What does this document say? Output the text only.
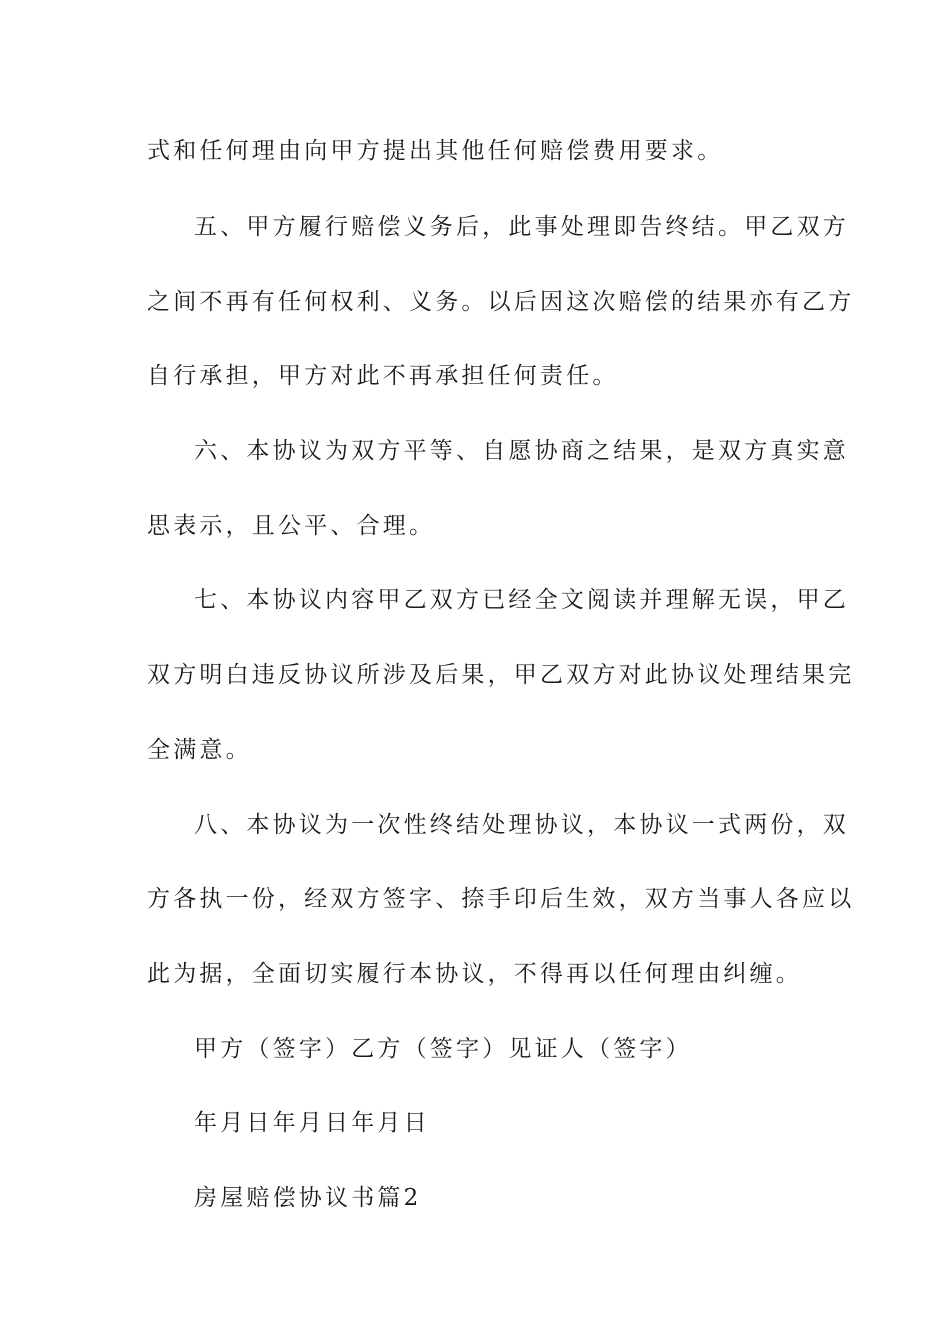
式和任何理由向甲方提出其他任何赔偿费用要求。
五、甲方履行赔偿义务后，此事处理即告终结。甲乙双方
之间不再有任何权利、义务。以后因这次赔偿的结果亦有乙方
自行承担，甲方对此不再承担任何责任。
六、本协议为双方平等、自愿协商之结果，是双方真实意
思表示，且公平、合理。
七、本协议内容甲乙双方已经全文阅读并理解无误，甲乙
双方明白违反协议所涉及后果，甲乙双方对此协议处理结果完
全满意。
八、本协议为一次性终结处理协议，本协议一式两份，双
方各执一份，经双方签字、捺手印后生效，双方当事人各应以
此为据，全面切实履行本协议，不得再以任何理由纠缠。
甲方（签字）乙方（签字）见证人（签字）
年月日年月日年月日
房屋赔偿协议书篇2
